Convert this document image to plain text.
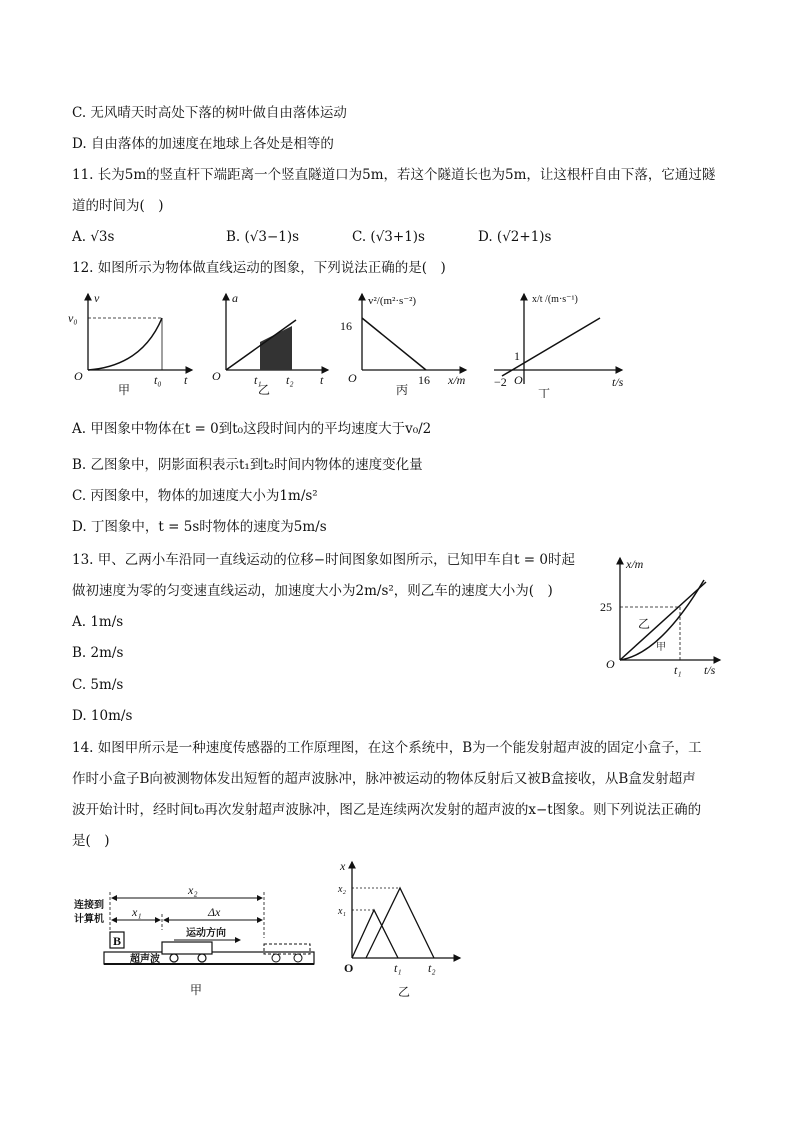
C. 无风晴天时高处下落的树叶做自由落体运动
D. 自由落体的加速度在地球上各处是相等的
11. 长为5m的竖直杆下端距离一个竖直隧道口为5m，若这个隧道长也为5m，让这根杆自由下落，它通过隧
道的时间为(　)
A. √3s	B. (√3−1)s	C. (√3+1)s	D. (√2+1)s
12. 如图所示为物体做直线运动的图象，下列说法正确的是(　)
v
v₀
t₀ t
O
甲
a
t₁ t₂ t
O
乙
v²/(m²·s⁻²)
16
16 x/m
O
丙
x/t /(m·s⁻¹)
1
−2	t/s
O
丁
A. 甲图象中物体在t = 0到t₀这段时间内的平均速度大于v₀/2
B. 乙图象中，阴影面积表示t₁到t₂时间内物体的速度变化量
C. 丙图象中，物体的加速度大小为1m/s²
D. 丁图象中，t = 5s时物体的速度为5m/s
13. 甲、乙两小车沿同一直线运动的位移−时间图象如图所示，已知甲车自t = 0时起
做初速度为零的匀变速直线运动，加速度大小为2m/s²，则乙车的速度大小为(　)
A. 1m/s
B. 2m/s
C. 5m/s
D. 10m/s
x/m
25
t₁ t/s
O
乙
甲
14. 如图甲所示是一种速度传感器的工作原理图，在这个系统中，B为一个能发射超声波的固定小盒子，工
作时小盒子B向被测物体发出短暂的超声波脉冲，脉冲被运动的物体反射后又被B盒接收，从B盒发射超声
波开始计时，经时间t₀再次发射超声波脉冲，图乙是连续两次发射的超声波的x−t图象。则下列说法正确的
是(　)
连接到
计算机
B
x₂
x₁	Δx
运动方向
超声波
甲
x
x₂
x₁
t₁ t₂
O
乙
